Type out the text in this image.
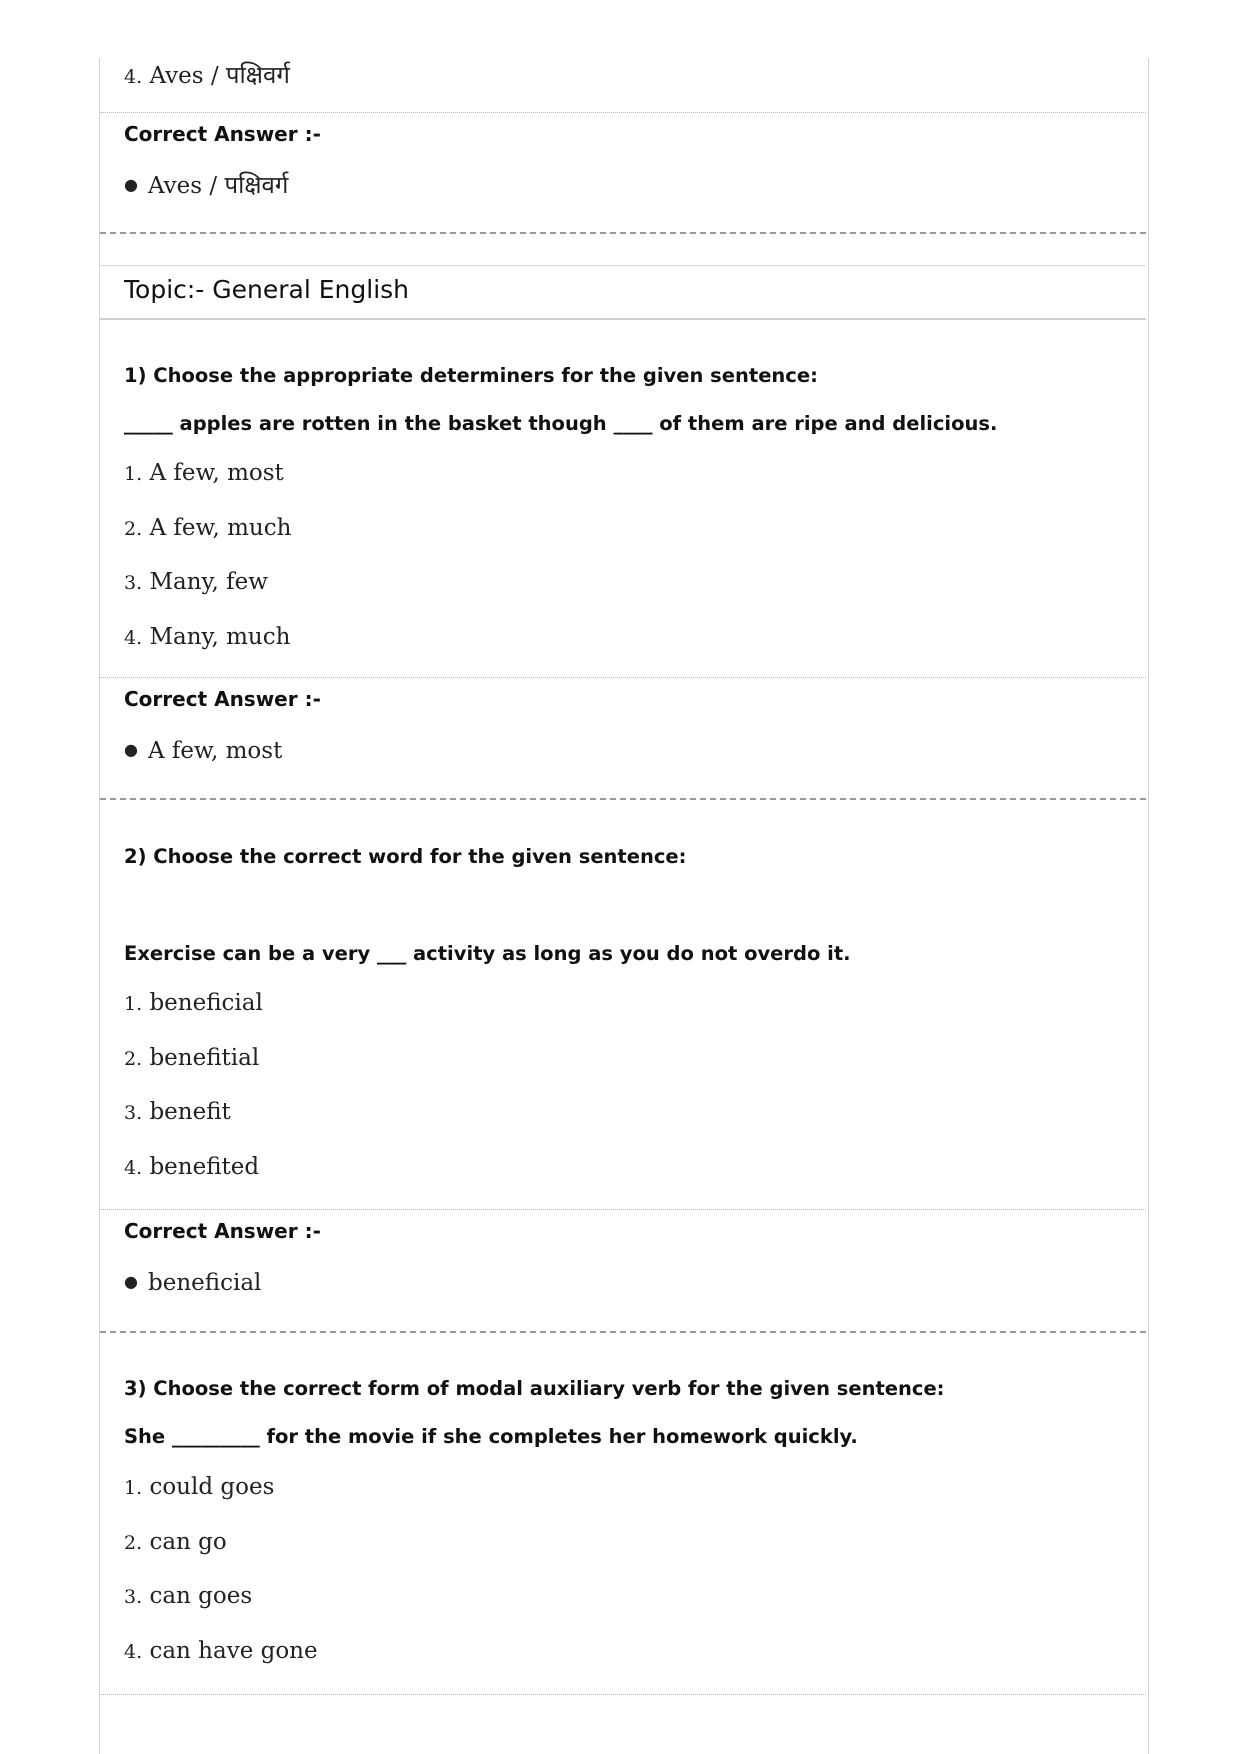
4. Aves / पक्षिवर्ग
Correct Answer :-
● Aves / पक्षिवर्ग
Topic:- General English
1) Choose the appropriate determiners for the given sentence:
_____ apples are rotten in the basket though ____ of them are ripe and delicious.
1. A few, most
2. A few, much
3. Many, few
4. Many, much
Correct Answer :-
● A few, most
2) Choose the correct word for the given sentence:
Exercise can be a very ___ activity as long as you do not overdo it.
1. beneficial
2. benefitial
3. benefit
4. benefited
Correct Answer :-
● beneficial
3) Choose the correct form of modal auxiliary verb for the given sentence:
She _________ for the movie if she completes her homework quickly.
1. could goes
2. can go
3. can goes
4. can have gone
